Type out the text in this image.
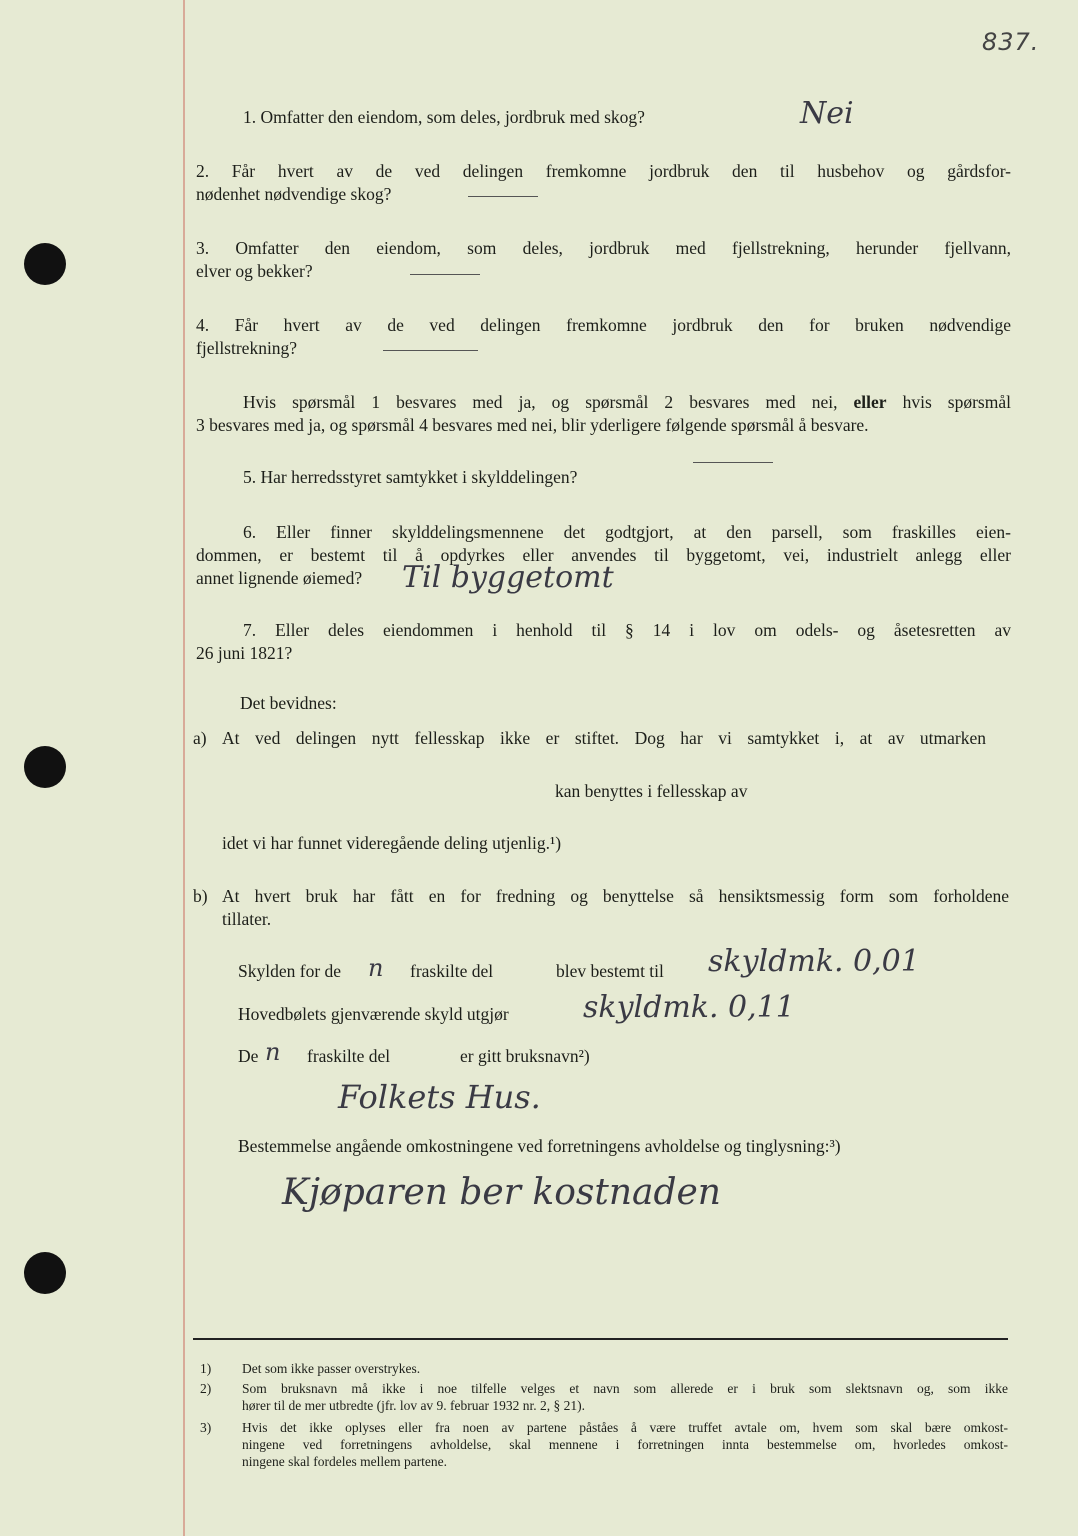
837.
1. Omfatter den eiendom, som deles, jordbruk med skog?	Nei
2. Får hvert av de ved delingen fremkomne jordbruk den til husbehov og gårdsfor-
nødenhet nødvendige skog?
3. Omfatter den eiendom, som deles, jordbruk med fjellstrekning, herunder fjellvann,
elver og bekker?
4. Får hvert av de ved delingen fremkomne jordbruk den for bruken nødvendige
fjellstrekning?
Hvis spørsmål 1 besvares med ja, og spørsmål 2 besvares med nei, eller hvis spørsmål
3 besvares med ja, og spørsmål 4 besvares med nei, blir yderligere følgende spørsmål å besvare.
5. Har herredsstyret samtykket i skylddelingen?
6. Eller finner skylddelingsmennene det godtgjort, at den parsell, som fraskilles eien-
dommen, er bestemt til å opdyrkes eller anvendes til byggetomt, vei, industrielt anlegg eller
annet lignende øiemed?	Til byggetomt
7. Eller deles eiendommen i henhold til § 14 i lov om odels- og åsetesretten av
26 juni 1821?
Det bevidnes:
a) At ved delingen nytt fellesskap ikke er stiftet. Dog har vi samtykket i, at av utmarken
kan benyttes i fellesskap av
idet vi har funnet videregående deling utjenlig.¹)
b) At hvert bruk har fått en for fredning og benyttelse så hensiktsmessig form som forholdene
tillater.
Skylden for de n fraskilte del	blev bestemt til skyldmk. 0,01
Hovedbølets gjenværende skyld utgjør skyldmk. 0,11
De n fraskilte del	er gitt bruksnavn²)
Folkets Hus.
Bestemmelse angående omkostningene ved forretningens avholdelse og tinglysning:³)
Kjøparen ber kostnaden
1) Det som ikke passer overstrykes.
2) Som bruksnavn må ikke i noe tilfelle velges et navn som allerede er i bruk som slektsnavn og, som ikke
hører til de mer utbredte (jfr. lov av 9. februar 1932 nr. 2, § 21).
3) Hvis det ikke oplyses eller fra noen av partene påståes å være truffet avtale om, hvem som skal bære omkost-
ningene ved forretningens avholdelse, skal mennene i forretningen innta bestemmelse om, hvorledes omkost-
ningene skal fordeles mellem partene.
